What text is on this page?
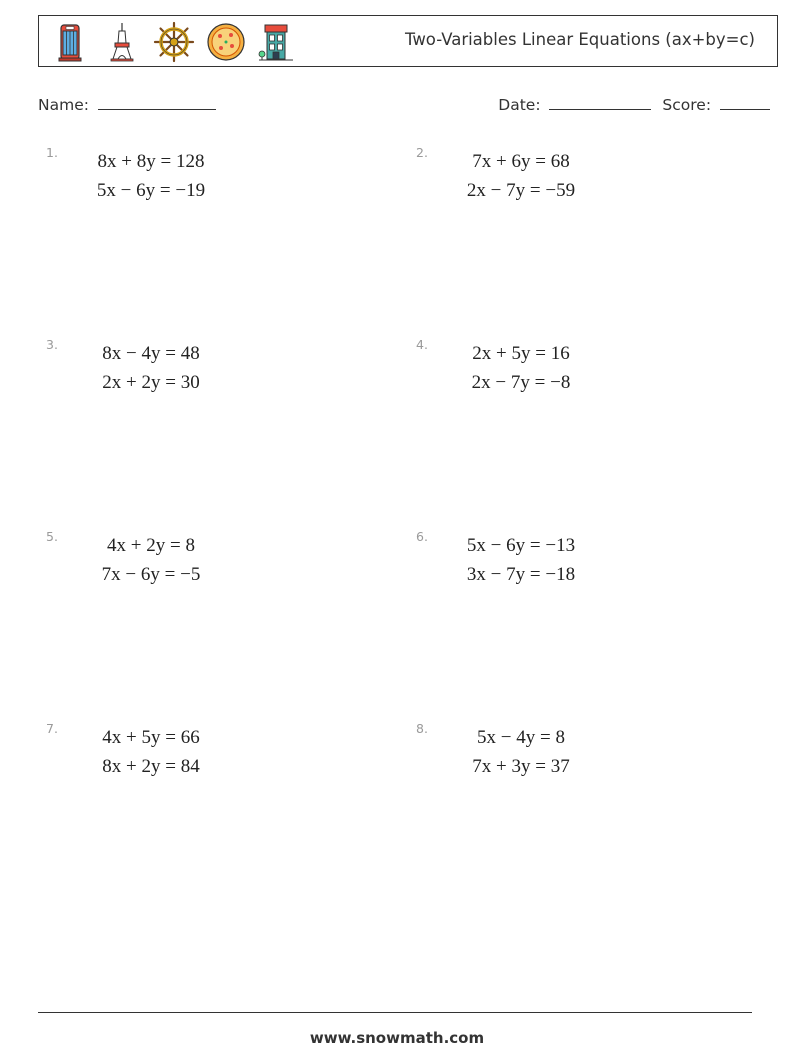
Two-Variables Linear Equations (ax+by=c)
Name:	Date:	Score:
1.	8x + 8y = 128
5x − 6y = −19
2.	7x + 6y = 68
2x − 7y = −59
3.	8x − 4y = 48
2x + 2y = 30
4.	2x + 5y = 16
2x − 7y = −8
5.	4x + 2y = 8
7x − 6y = −5
6.	5x − 6y = −13
3x − 7y = −18
7.	4x + 5y = 66
8x + 2y = 84
8.	5x − 4y = 8
7x + 3y = 37
www.snowmath.com
